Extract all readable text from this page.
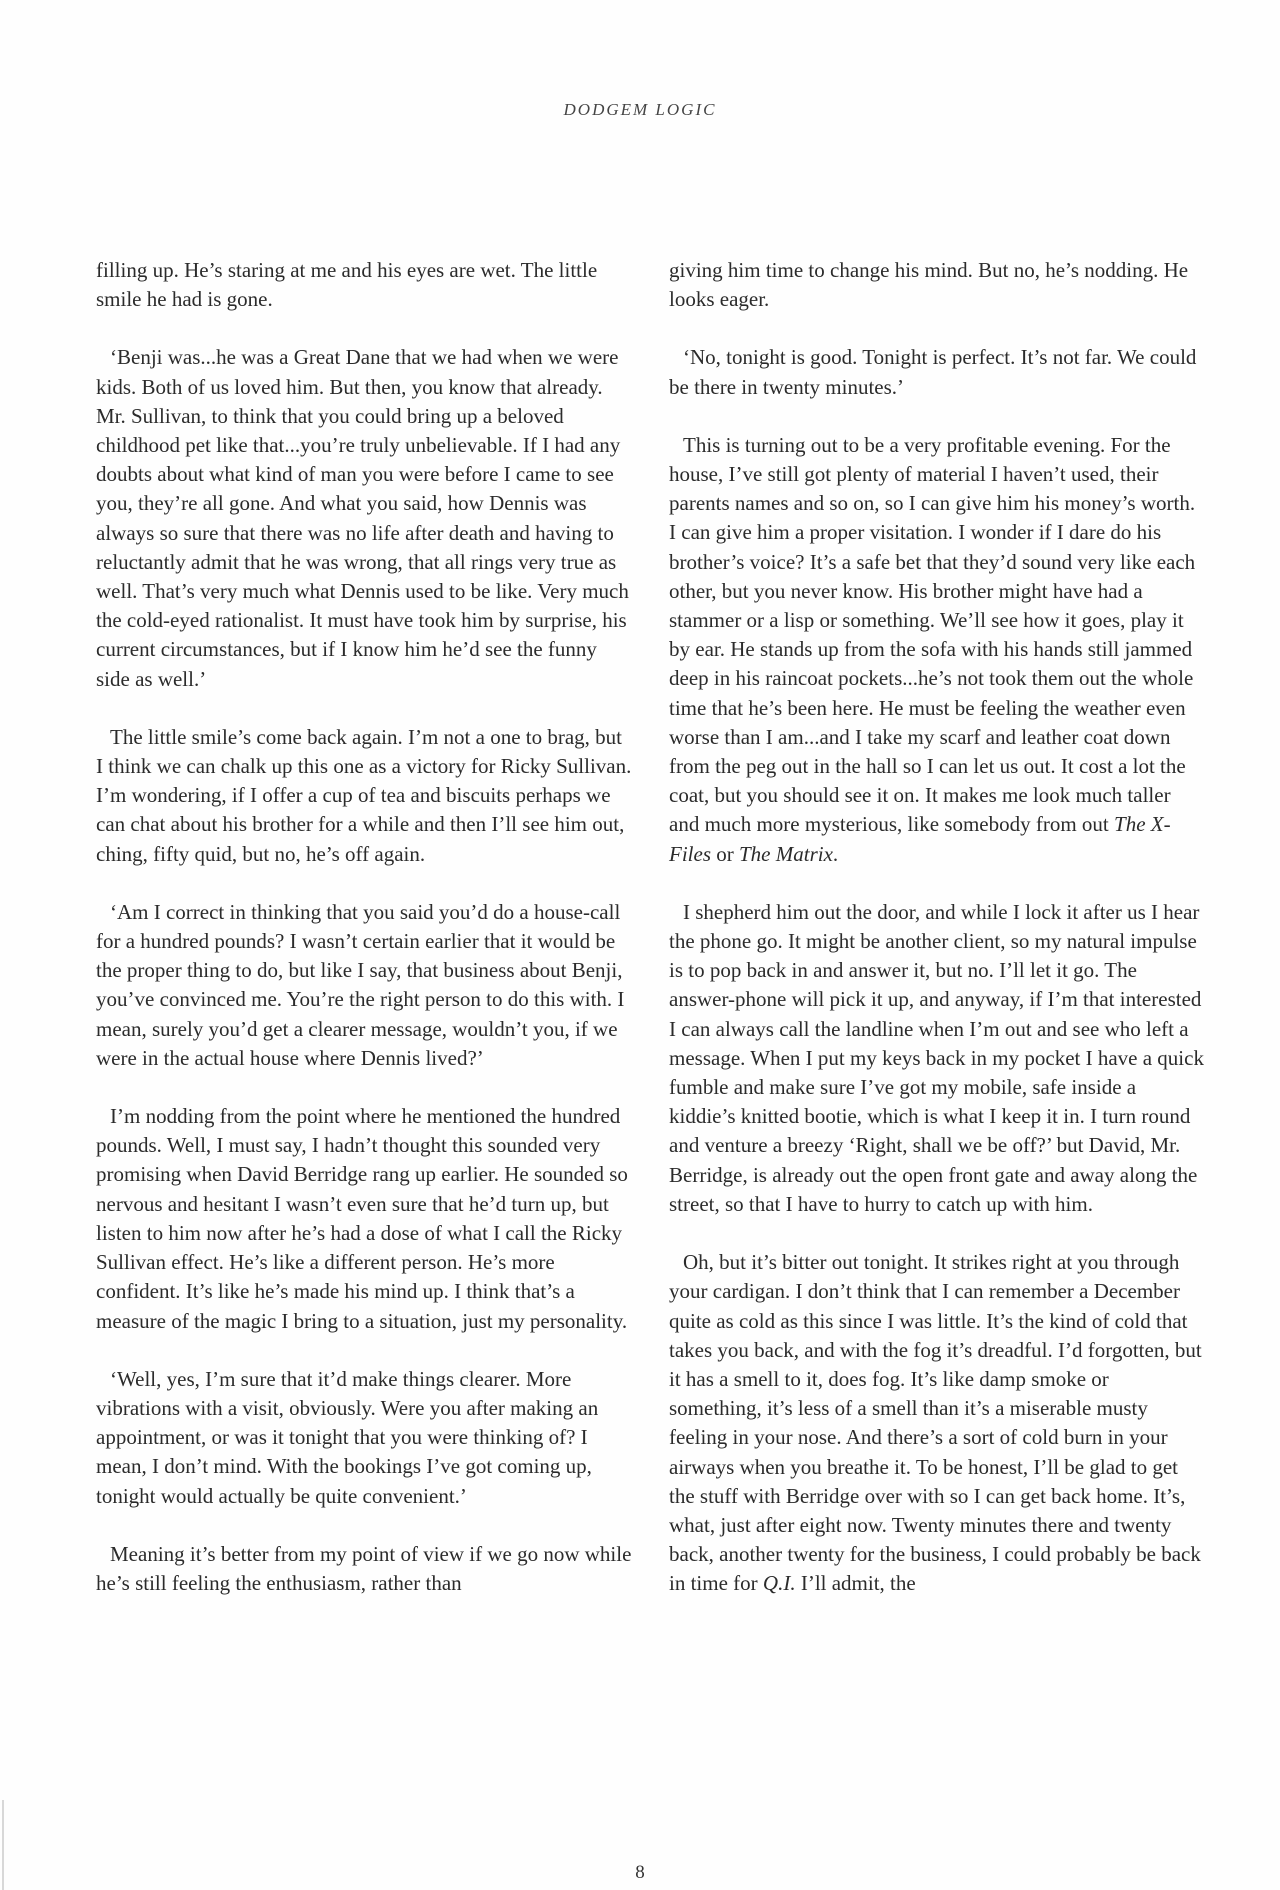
DODGEM LOGIC

filling up. He’s staring at me and his eyes are wet. The little smile he had is gone.

‘Benji was...he was a Great Dane that we had when we were kids. Both of us loved him. But then, you know that already. Mr. Sullivan, to think that you could bring up a beloved childhood pet like that...you’re truly unbelievable. If I had any doubts about what kind of man you were before I came to see you, they’re all gone. And what you said, how Dennis was always so sure that there was no life after death and having to reluctantly admit that he was wrong, that all rings very true as well. That’s very much what Dennis used to be like. Very much the cold-eyed rationalist. It must have took him by surprise, his current circumstances, but if I know him he’d see the funny side as well.’

The little smile’s come back again. I’m not a one to brag, but I think we can chalk up this one as a victory for Ricky Sullivan. I’m wondering, if I offer a cup of tea and biscuits perhaps we can chat about his brother for a while and then I’ll see him out, ching, fifty quid, but no, he’s off again.

‘Am I correct in thinking that you said you’d do a house-call for a hundred pounds? I wasn’t certain earlier that it would be the proper thing to do, but like I say, that business about Benji, you’ve convinced me. You’re the right person to do this with. I mean, surely you’d get a clearer message, wouldn’t you, if we were in the actual house where Dennis lived?’

I’m nodding from the point where he mentioned the hundred pounds. Well, I must say, I hadn’t thought this sounded very promising when David Berridge rang up earlier. He sounded so nervous and hesitant I wasn’t even sure that he’d turn up, but listen to him now after he’s had a dose of what I call the Ricky Sullivan effect. He’s like a different person. He’s more confident. It’s like he’s made his mind up. I think that’s a measure of the magic I bring to a situation, just my personality.

‘Well, yes, I’m sure that it’d make things clearer. More vibrations with a visit, obviously. Were you after making an appointment, or was it tonight that you were thinking of? I mean, I don’t mind. With the bookings I’ve got coming up, tonight would actually be quite convenient.’

Meaning it’s better from my point of view if we go now while he’s still feeling the enthusiasm, rather than

giving him time to change his mind. But no, he’s nodding. He looks eager.

‘No, tonight is good. Tonight is perfect. It’s not far. We could be there in twenty minutes.’

This is turning out to be a very profitable evening. For the house, I’ve still got plenty of material I haven’t used, their parents names and so on, so I can give him his money’s worth. I can give him a proper visitation. I wonder if I dare do his brother’s voice? It’s a safe bet that they’d sound very like each other, but you never know. His brother might have had a stammer or a lisp or something. We’ll see how it goes, play it by ear. He stands up from the sofa with his hands still jammed deep in his raincoat pockets...he’s not took them out the whole time that he’s been here. He must be feeling the weather even worse than I am...and I take my scarf and leather coat down from the peg out in the hall so I can let us out. It cost a lot the coat, but you should see it on. It makes me look much taller and much more mysterious, like somebody from out The X-Files or The Matrix.

I shepherd him out the door, and while I lock it after us I hear the phone go. It might be another client, so my natural impulse is to pop back in and answer it, but no. I’ll let it go. The answer-phone will pick it up, and anyway, if I’m that interested I can always call the landline when I’m out and see who left a message. When I put my keys back in my pocket I have a quick fumble and make sure I’ve got my mobile, safe inside a kiddie’s knitted bootie, which is what I keep it in. I turn round and venture a breezy ‘Right, shall we be off?’ but David, Mr. Berridge, is already out the open front gate and away along the street, so that I have to hurry to catch up with him.

Oh, but it’s bitter out tonight. It strikes right at you through your cardigan. I don’t think that I can remember a December quite as cold as this since I was little. It’s the kind of cold that takes you back, and with the fog it’s dreadful. I’d forgotten, but it has a smell to it, does fog. It’s like damp smoke or something, it’s less of a smell than it’s a miserable musty feeling in your nose. And there’s a sort of cold burn in your airways when you breathe it. To be honest, I’ll be glad to get the stuff with Berridge over with so I can get back home. It’s, what, just after eight now. Twenty minutes there and twenty back, another twenty for the business, I could probably be back in time for Q.I. I’ll admit, the

8
